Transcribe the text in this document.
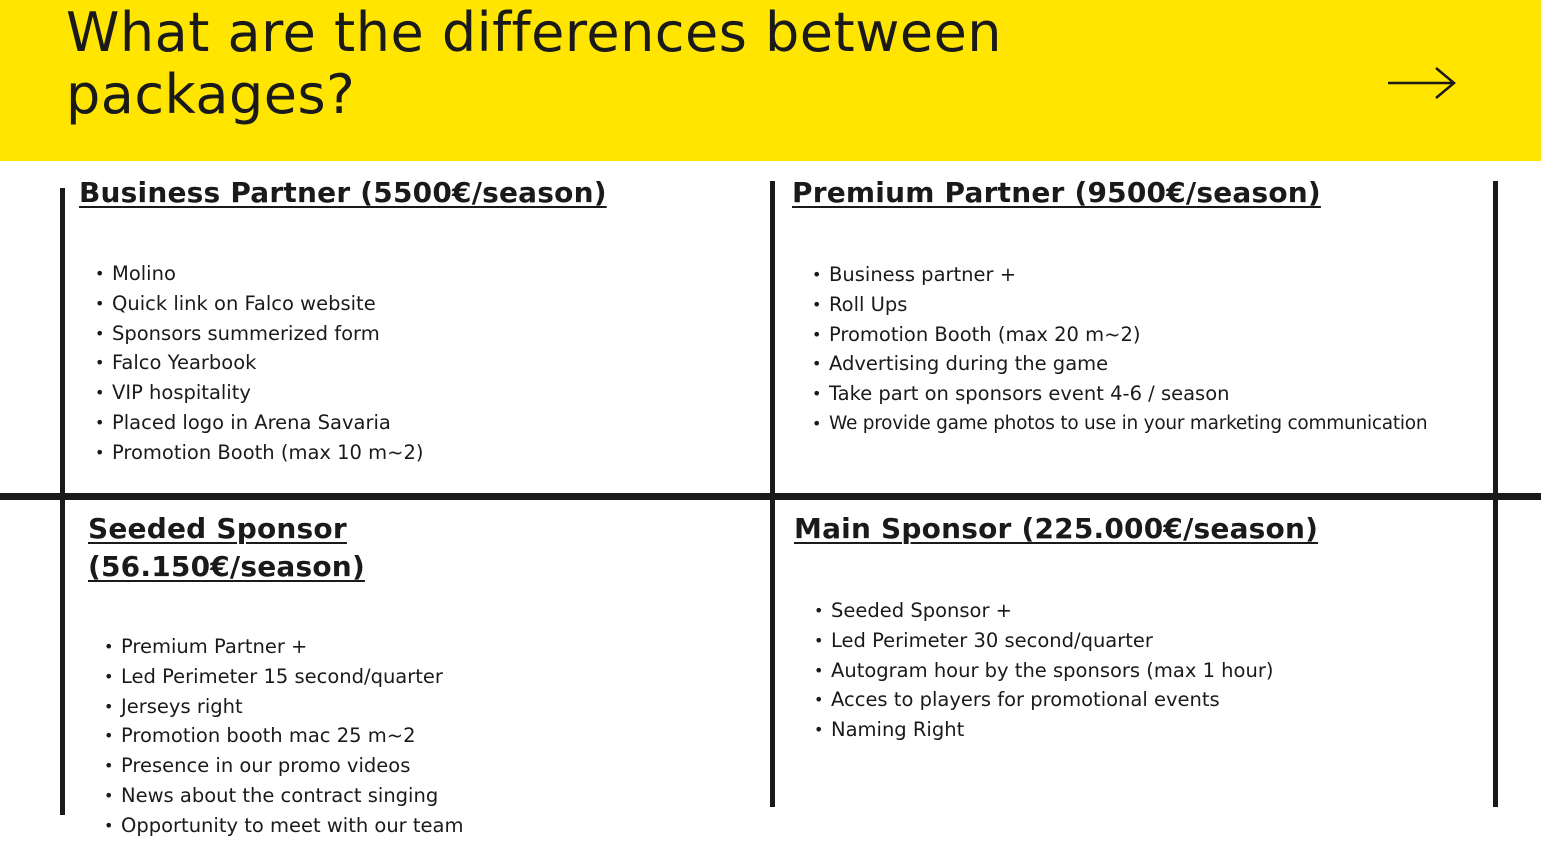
What are the differences between packages?
Business Partner (5500€/season)
• Molino
• Quick link on Falco website
• Sponsors summerized form
• Falco Yearbook
• VIP hospitality
• Placed logo in Arena Savaria
• Promotion Booth (max 10 m~2)
Premium Partner (9500€/season)
• Business partner +
• Roll Ups
• Promotion Booth (max 20 m~2)
• Advertising during the game
• Take part on sponsors event 4-6 / season
• We provide game photos to use in your marketing communication
Seeded Sponsor
(56.150€/season)
• Premium Partner +
• Led Perimeter 15 second/quarter
• Jerseys right
• Promotion booth mac 25 m~2
• Presence in our promo videos
• News about the contract singing
• Opportunity to meet with our team
Main Sponsor (225.000€/season)
• Seeded Sponsor +
• Led Perimeter 30 second/quarter
• Autogram hour by the sponsors (max 1 hour)
• Acces to players for promotional events
• Naming Right
